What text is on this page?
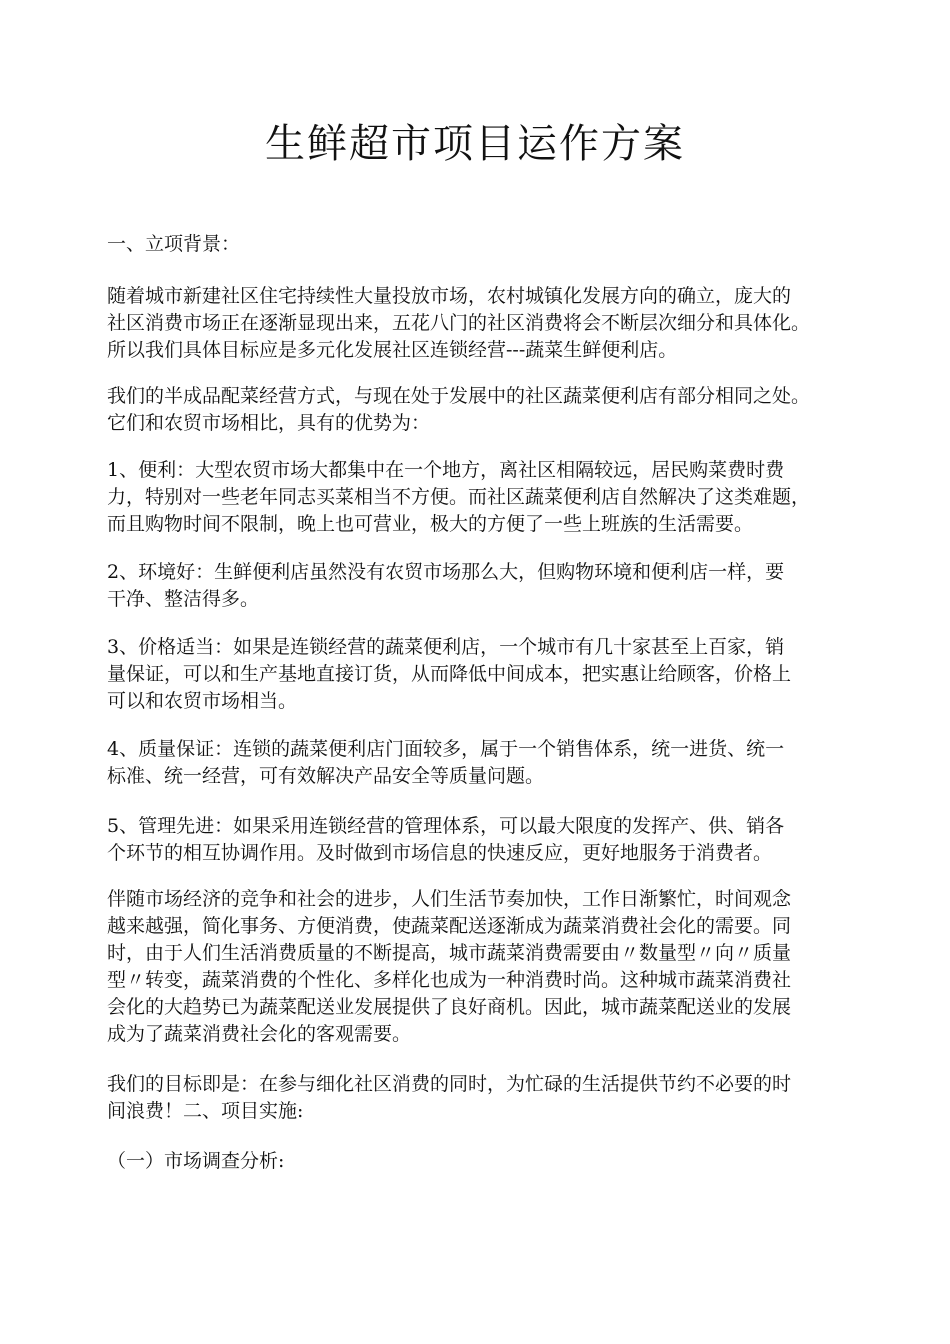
生鲜超市项目运作方案

一、立项背景：

随着城市新建社区住宅持续性大量投放市场，农村城镇化发展方向的确立，庞大的
社区消费市场正在逐渐显现出来，五花八门的社区消费将会不断层次细分和具体化。
所以我们具体目标应是多元化发展社区连锁经营---蔬菜生鲜便利店。

我们的半成品配菜经营方式，与现在处于发展中的社区蔬菜便利店有部分相同之处。
它们和农贸市场相比，具有的优势为：

1、便利：大型农贸市场大都集中在一个地方，离社区相隔较远，居民购菜费时费
力，特别对一些老年同志买菜相当不方便。而社区蔬菜便利店自然解决了这类难题，
而且购物时间不限制，晚上也可营业，极大的方便了一些上班族的生活需要。

2、环境好：生鲜便利店虽然没有农贸市场那么大，但购物环境和便利店一样，要
干净、整洁得多。

3、价格适当：如果是连锁经营的蔬菜便利店，一个城市有几十家甚至上百家，销
量保证，可以和生产基地直接订货，从而降低中间成本，把实惠让给顾客，价格上
可以和农贸市场相当。

4、质量保证：连锁的蔬菜便利店门面较多，属于一个销售体系，统一进货、统一
标准、统一经营，可有效解决产品安全等质量问题。

5、管理先进：如果采用连锁经营的管理体系，可以最大限度的发挥产、供、销各
个环节的相互协调作用。及时做到市场信息的快速反应，更好地服务于消费者。

伴随市场经济的竞争和社会的进步，人们生活节奏加快，工作日渐繁忙，时间观念
越来越强，简化事务、方便消费，使蔬菜配送逐渐成为蔬菜消费社会化的需要。同
时，由于人们生活消费质量的不断提高，城市蔬菜消费需要由〃数量型〃向〃质量
型〃转变，蔬菜消费的个性化、多样化也成为一种消费时尚。这种城市蔬菜消费社
会化的大趋势已为蔬菜配送业发展提供了良好商机。因此，城市蔬菜配送业的发展
成为了蔬菜消费社会化的客观需要。

我们的目标即是：在参与细化社区消费的同时，为忙碌的生活提供节约不必要的时
间浪费！二、项目实施:

（一）市场调查分析:
